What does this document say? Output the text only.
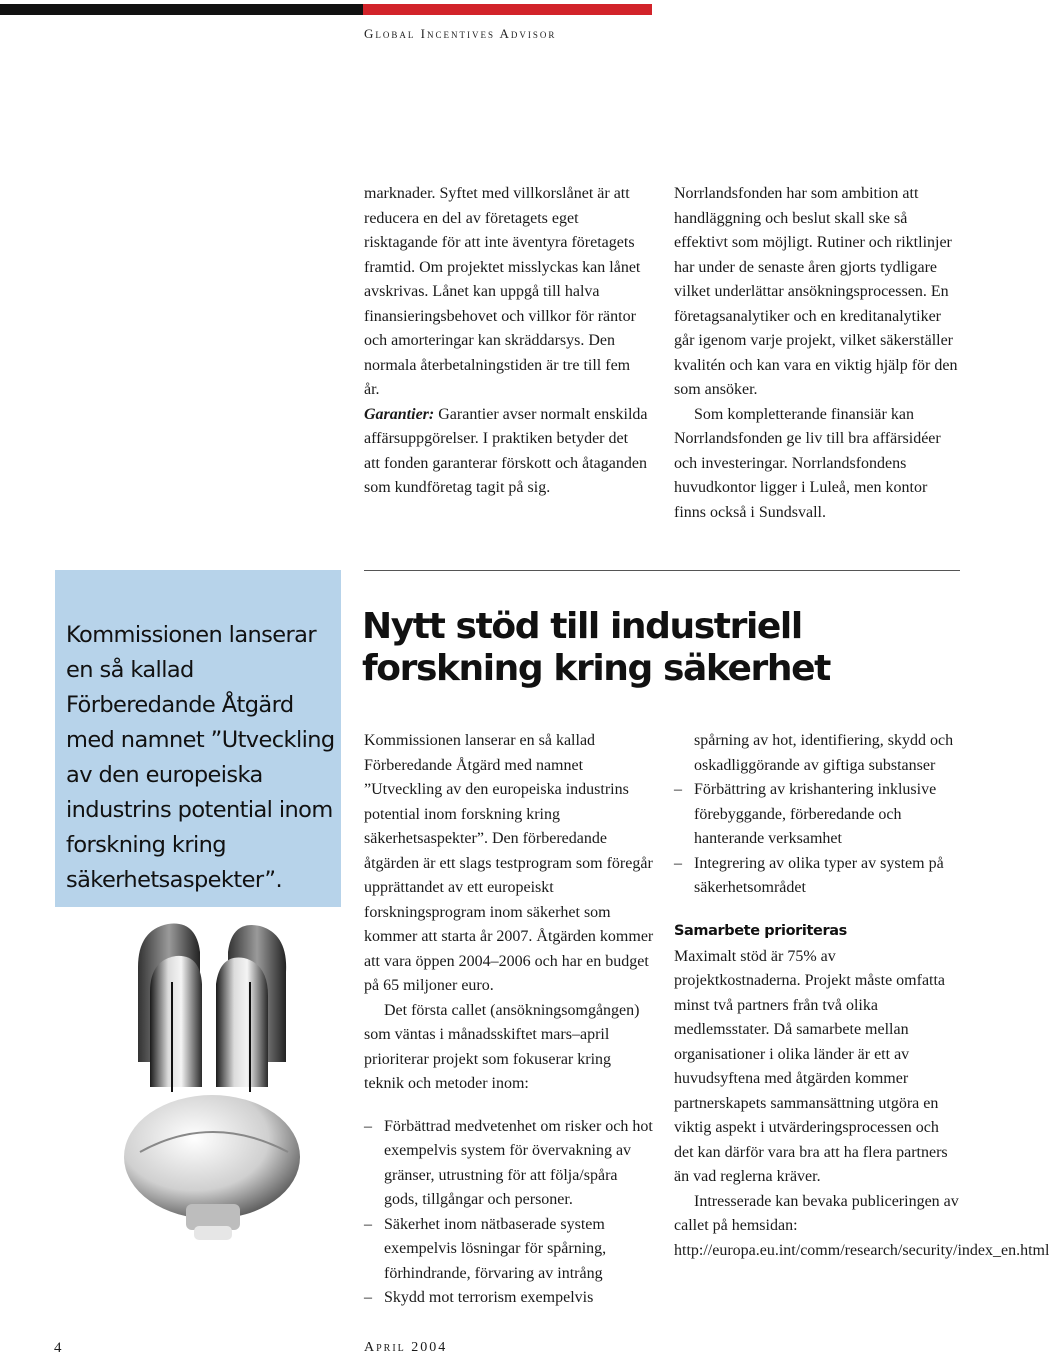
Global Incentives Advisor

marknader. Syftet med villkorslånet är att reducera en del av företagets eget risktagande för att inte äventyra företagets framtid. Om projektet misslyckas kan lånet avskrivas. Lånet kan uppgå till halva finansieringsbehovet och villkor för räntor och amorteringar kan skräddarsys. Den normala återbetalningstiden är tre till fem år.

Garantier: Garantier avser normalt enskilda affärsuppgörelser. I praktiken betyder det att fonden garanterar förskott och åtaganden som kundföretag tagit på sig.

Norrlandsfonden har som ambition att handläggning och beslut skall ske så effektivt som möjligt. Rutiner och riktlinjer har under de senaste åren gjorts tydligare vilket underlättar ansökningsprocessen. En företagsanalytiker och en kreditanalytiker går igenom varje projekt, vilket säkerställer kvalitén och kan vara en viktig hjälp för den som ansöker.

Som kompletterande finansiär kan Norrlandsfonden ge liv till bra affärsidéer och investeringar. Norrlandsfondens huvudkontor ligger i Luleå, men kontor finns också i Sundsvall.

Kommissionen lanserar en så kallad Förberedande Åtgärd med namnet ”Utveckling av den europeiska industrins potential inom forskning kring säkerhetsaspekter”.
Nytt stöd till industriell forskning kring säkerhet

Kommissionen lanserar en så kallad Förberedande Åtgärd med namnet ”Utveckling av den europeiska industrins potential inom forskning kring säkerhetsaspekter”. Den förberedande åtgärden är ett slags testprogram som föregår upprättandet av ett europeiskt forskningsprogram inom säkerhet som kommer att starta år 2007. Åtgärden kommer att vara öppen 2004–2006 och har en budget på 65 miljoner euro.

Det första callet (ansökningsomgången) som väntas i månadsskiftet mars–april prioriterar projekt som fokuserar kring teknik och metoder inom:

– Förbättrad medvetenhet om risker och hot exempelvis system för övervakning av gränser, utrustning för att följa/spåra gods, tillgångar och personer.
– Säkerhet inom nätbaserade system exempelvis lösningar för spårning, förhindrande, förvaring av intrång
– Skydd mot terrorism exempelvis

spårning av hot, identifiering, skydd och oskadliggörande av giftiga substanser

– Förbättring av krishantering inklusive förebyggande, förberedande och hanterande verksamhet
– Integrering av olika typer av system på säkerhetsområdet
Samarbete prioriteras

Maximalt stöd är 75% av projektkostnaderna. Projekt måste omfatta minst två partners från två olika medlemsstater. Då samarbete mellan organisationer i olika länder är ett av huvudsyftena med åtgärden kommer partnerskapets sammansättning utgöra en viktig aspekt i utvärderingsprocessen och det kan därför vara bra att ha flera partners än vad reglerna kräver.

Intresserade kan bevaka publiceringen av callet på hemsidan:

http://europa.eu.int/comm/research/security/index_en.html

4	April 2004
